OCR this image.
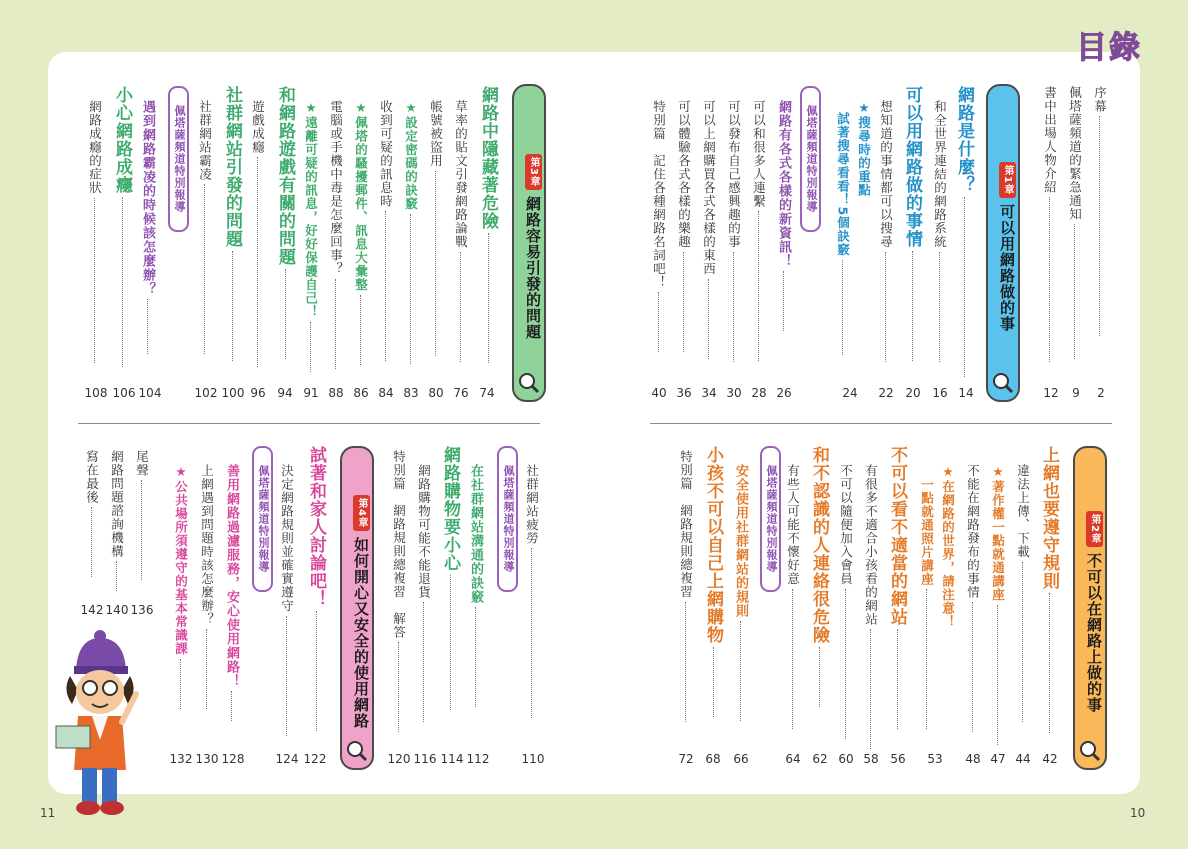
目錄
11	10
序幕
2
佩塔薩頻道的緊急通知
9
書中出場人物介紹
12
第1章可以用網路做的事
網路是什麼？
14
和全世界連結的網路系統
16
可以用網路做的事情
20
想知道的事情都可以搜尋
22
★搜尋時的重點
試著搜尋看看！5個訣竅
24
佩塔薩頻道特別報導
網路有各式各樣的新資訊！
26
可以和很多人連繫
28
可以發布自己感興趣的事
30
可以上網購買各式各樣的東西
34
可以體驗各式各樣的樂趣
36
特別篇　記住各種網路名詞吧！
40
第2章不可以在網路上做的事
上網也要遵守規則
42
違法上傳、下載
44
★著作權一點就通講座
47
不能在網路發布的事情
48
★在網路的世界，請注意！
一點就通照片講座
53
不可以看不適當的網站
56
有很多不適合小孩看的網站
58
不可以隨便加入會員
60
和不認識的人連絡很危險
62
有些人可能不懷好意
64
佩塔薩頻道特別報導
安全使用社群網站的規則
66
小孩不可以自己上網購物
68
特別篇　網路規則總複習
72
第3章網路容易引發的問題
網路中隱藏著危險
74
草率的貼文引發網路論戰
76
帳號被盜用
80
★設定密碼的訣竅
83
收到可疑的訊息時
84
★佩塔的騷擾郵件、訊息大彙整
86
電腦或手機中毒是怎麼回事？
88
★遠離可疑的訊息，好好保護自己！
91
和網路遊戲有關的問題
94
遊戲成癮
96
社群網站引發的問題
100
社群網站霸凌
102
佩塔薩頻道特別報導
遇到網路霸凌的時候該怎麼辦？
104
小心網路成癮
106
網路成癮的症狀
108
社群網站疲勞
110
佩塔薩頻道特別報導
在社群網站溝通的訣竅
112
網路購物要小心
114
網路購物可能不能退貨
116
特別篇　網路規則總複習　解答
120
第4章如何開心又安全的使用網路
試著和家人討論吧！
122
決定網路規則並確實遵守
124
佩塔薩頻道特別報導
善用網路過濾服務，安心使用網路！
128
上網遇到問題時該怎麼辦？
130
★公共場所須遵守的基本常識課
132
尾聲
136
網路問題諮詢機構
140
寫在最後
142
